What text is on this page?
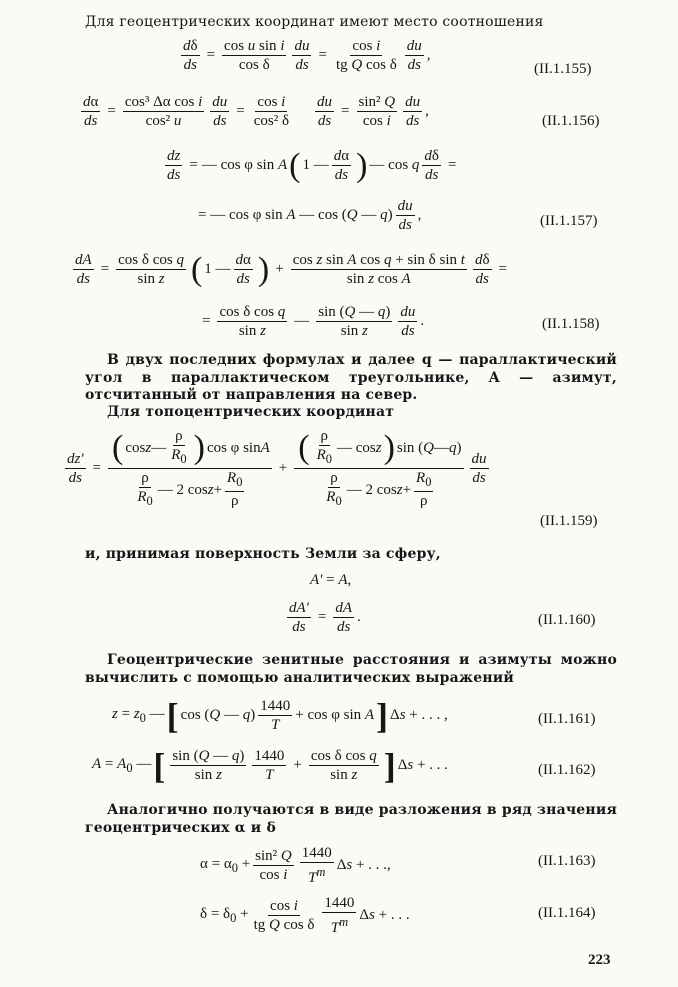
Для геоцентрических координат имеют место соотношения
$\frac{d\delta}{ds} = \frac{\text{cos u sin i}}{\text{cos δ}} \frac{du}{ds} = \frac{\text{cos i}}{\text{tg Q cos δ}}$ du
ds
,
(II.1.155)
$\frac{d\alpha}{ds} = \frac{\text{cos³ Δα cos i}}{\text{cos² u}} \frac{du}{ds} = \frac{\text{cos i}}{\text{cos² δ}} \frac{du}{ds} = \frac{\text{sin² Q}}{\text{cos i}}$ du
ds
,
(II.1.156)
$\frac{dz}{ds}$ = — cos φ sin A ( 1 —
dα
ds ) — cos q $\frac{d\delta}{ds}$ =
= — cos φ sin A — cos (Q — q)
du
ds
,	(II.1.157)
$\frac{dA}{ds} = \frac{\text{cos δ cos q}}{\text{sin z}}$ ( 1 —
dα
ds ) + $\frac{\text{cos z sin A cos q + sin δ sin t}}{\text{sin z cos A}} \frac{d\delta}{ds}$ =
= $\frac{\text{cos δ cos q}}{\text{sin z}}$ —
sin (Q — q)
sin z
du
ds
.	(II.1.158)
В двух последних формулах и далее q — параллактический угол в параллактическом треугольнике, A — азимут, отсчитанный от направления на север.
Для топоцентрических координат
$\frac{dz'}{ds}$ = ( cos z —
ρ
$R_0$ ) cos φ sin A
ρ
$R_0$
— 2 cos z +
$R_0$
ρ + ( ρ
$R_0$
— cos z ) sin ( Q — q )
ρ
$R_0$
— 2 cos z +
$R_0$
ρ du
ds
(II.1.159)
и, принимая поверхность Земли за сферу,
A' = A,
$\frac{dA'}{ds} = \frac{dA}{ds}$ .	(II.1.160)
Геоцентрические зенитные расстояния и азимуты можно вычислить с помощью аналитических выражений
$z = z_0$ — [ cos (Q — q)
1440
T
+ cos φ sin A ] Δs + . . . ,	(II.1.161)
$A = A_0$ — [ sin (Q — q)
sin z
1440
T
+ $\frac{\text{cos δ cos q}}{\text{sin z}}$ ] Δs + . . .	(II.1.162)
Аналогично получаются в виде разложения в ряд значения геоцентрических α и δ
$\alpha = \alpha_0 + \frac{\text{sin² Q}}{\text{cos i}} 1440$
$T^m$ Δs + . . .,	(II.1.163)
$\delta = \delta_0 + \frac{\text{cos i}}{\text{tg Q cos δ}} 1440$
$T^m$ Δs + . . .	(II.1.164)
223
